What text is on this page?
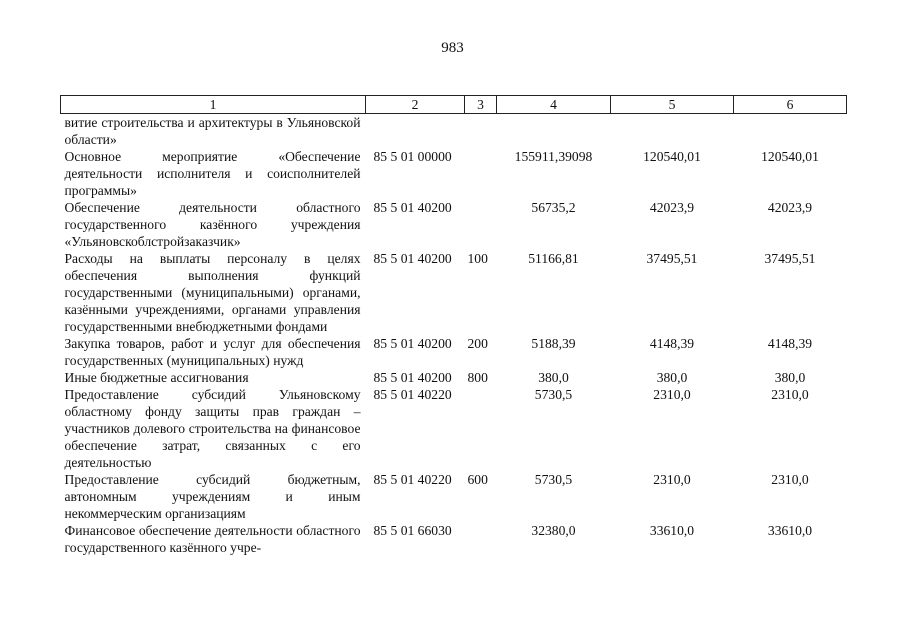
983
1	2	3	4	5	6
витие строительства и архитектуры в Ульяновской области»					
Основное мероприятие «Обеспечение деятельности исполнителя и соисполнителей программы»	85 5 01 00000		155911,39098	120540,01	120540,01
Обеспечение деятельности областного государственного казённого учреждения «Ульяновскоблстройзаказчик»	85 5 01 40200		56735,2	42023,9	42023,9
Расходы на выплаты персоналу в целях обеспечения выполнения функций государственными (муниципальными) органами, казёнными учреждениями, органами управления государственными внебюджетными фондами	85 5 01 40200	100	51166,81	37495,51	37495,51
Закупка товаров, работ и услуг для обеспечения государственных (муниципальных) нужд	85 5 01 40200	200	5188,39	4148,39	4148,39
Иные бюджетные ассигнования	85 5 01 40200	800	380,0	380,0	380,0
Предоставление субсидий Ульяновскому областному фонду защиты прав граждан – участников долевого строительства на финансовое обеспечение затрат, связанных с его деятельностью	85 5 01 40220		5730,5	2310,0	2310,0
Предоставление субсидий бюджетным, автономным учреждениям и иным некоммерческим организациям	85 5 01 40220	600	5730,5	2310,0	2310,0
Финансовое обеспечение деятельности областного государственного казённого учре-	85 5 01 66030		32380,0	33610,0	33610,0
